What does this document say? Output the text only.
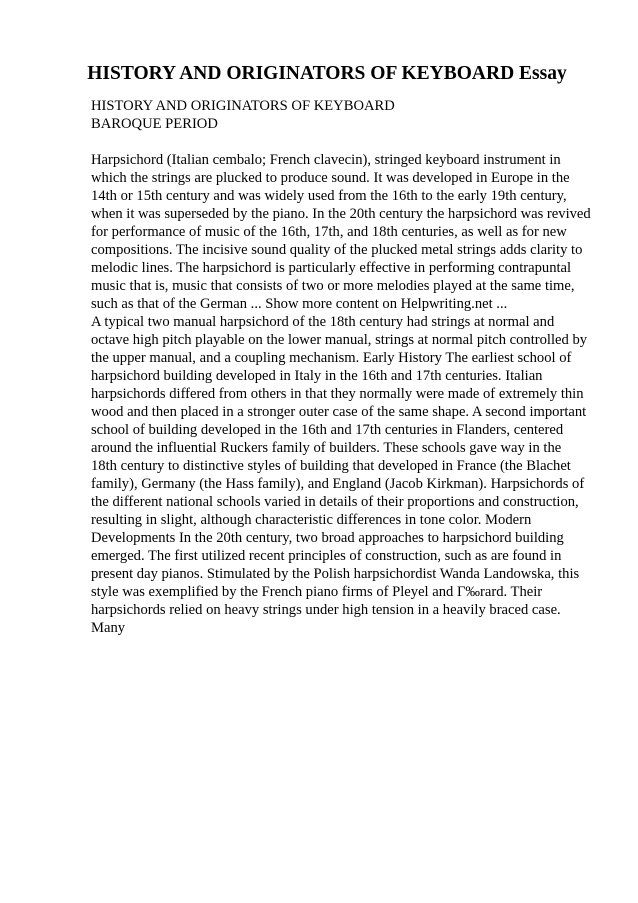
HISTORY AND ORIGINATORS OF KEYBOARD Essay
HISTORY AND ORIGINATORS OF KEYBOARD
BAROQUE PERIOD
Harpsichord (Italian cembalo; French clavecin), stringed keyboard instrument in
which the strings are plucked to produce sound. It was developed in Europe in the
14th or 15th century and was widely used from the 16th to the early 19th century,
when it was superseded by the piano. In the 20th century the harpsichord was revived
for performance of music of the 16th, 17th, and 18th centuries, as well as for new
compositions. The incisive sound quality of the plucked metal strings adds clarity to
melodic lines. The harpsichord is particularly effective in performing contrapuntal
music that is, music that consists of two or more melodies played at the same time,
such as that of the German ... Show more content on Helpwriting.net ...
A typical two manual harpsichord of the 18th century had strings at normal and
octave high pitch playable on the lower manual, strings at normal pitch controlled by
the upper manual, and a coupling mechanism. Early History The earliest school of
harpsichord building developed in Italy in the 16th and 17th centuries. Italian
harpsichords differed from others in that they normally were made of extremely thin
wood and then placed in a stronger outer case of the same shape. A second important
school of building developed in the 16th and 17th centuries in Flanders, centered
around the influential Ruckers family of builders. These schools gave way in the
18th century to distinctive styles of building that developed in France (the Blachet
family), Germany (the Hass family), and England (Jacob Kirkman). Harpsichords of
the different national schools varied in details of their proportions and construction,
resulting in slight, although characteristic differences in tone color. Modern
Developments In the 20th century, two broad approaches to harpsichord building
emerged. The first utilized recent principles of construction, such as are found in
present day pianos. Stimulated by the Polish harpsichordist Wanda Landowska, this
style was exemplified by the French piano firms of Pleyel and Г‰rard. Their
harpsichords relied on heavy strings under high tension in a heavily braced case.
Many
